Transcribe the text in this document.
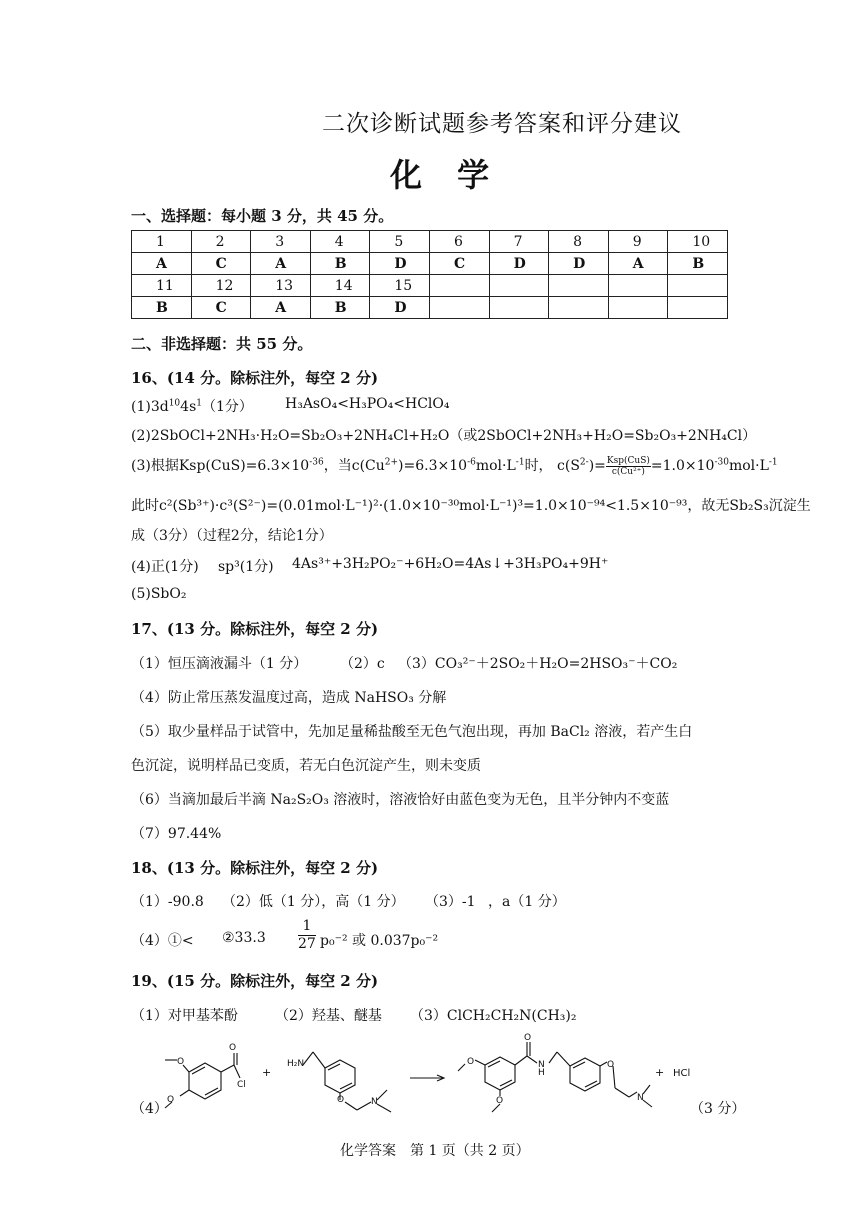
二次诊断试题参考答案和评分建议
化 学
一、选择题：每小题 3 分，共 45 分。
1	2	3	4	5	6	7	8	9	10
A	C	A	B	D	C	D	D	A	B
11	12	13	14	15					
B	C	A	B	D					
二、非选择题：共 55 分。
16、(14 分。除标注外，每空 2 分)
$(1)3d^{10}4s^1(1$分） H₃AsO₄<H₃PO₄<HClO₄
(2)2SbOCl+2NH₃·H₂O=Sb₂O₃+2NH₄Cl+H₂O（或2SbOCl+2NH₃+H₂O=Sb₂O₃+2NH₄Cl）
(3)根据$Ksp(CuS)=6.3\times 10^{-36}$，当$c(Cu^{2+})=6.3\times 10^{-6}mol\cdot L^{-1}$时， $c(S^{2-})= \frac{\text{Ksp(CuS)}}{\text{c(Cu²⁺)}} =1.0\times 10^{-30}mol\cdot L^{-1}$
此时c²(Sb³⁺)·c³(S²⁻)=(0.01mol·L⁻¹)²·(1.0×10⁻³⁰mol·L⁻¹)³=1.0×10⁻⁹⁴<1.5×10⁻⁹³，故无Sb₂S₃沉淀生
成（3分）（过程2分，结论1分）
(4)正(1分) sp³(1分) 4As³⁺+3H₂PO₂⁻+6H₂O=4As↓+3H₃PO₄+9H⁺
(5)SbO₂
17、(13 分。除标注外，每空 2 分)
（1）恒压滴液漏斗（1 分） （2）c （3）CO₃²⁻＋2SO₂＋H₂O=2HSO₃⁻＋CO₂
（4）防止常压蒸发温度过高，造成 NaHSO₃ 分解
（5）取少量样品于试管中，先加足量稀盐酸至无色气泡出现，再加 BaCl₂ 溶液，若产生白
色沉淀，说明样品已变质，若无白色沉淀产生，则未变质
（6）当滴加最后半滴 Na₂S₂O₃ 溶液时，溶液恰好由蓝色变为无色，且半分钟内不变蓝
（7）97.44%
18、(13 分。除标注外，每空 2 分)
（1）-90.8 （2）低（1 分），高（1 分） （3）-1 ，a（1 分）
（4）①< ②33.3 $\frac{1}{27} p_0^{-2}$ 或 0.037p₀⁻²
19、(15 分。除标注外，每空 2 分)
（1）对甲基苯酚	（2）羟基、醚基 （3）ClCH₂CH₂N(CH₃)₂
O
O
O
Cl
H₂N
O	N
O
N
H
O
N
O
O
+	+ HCl
（4）	（3 分）
化学答案　第 1 页（共 2 页）
